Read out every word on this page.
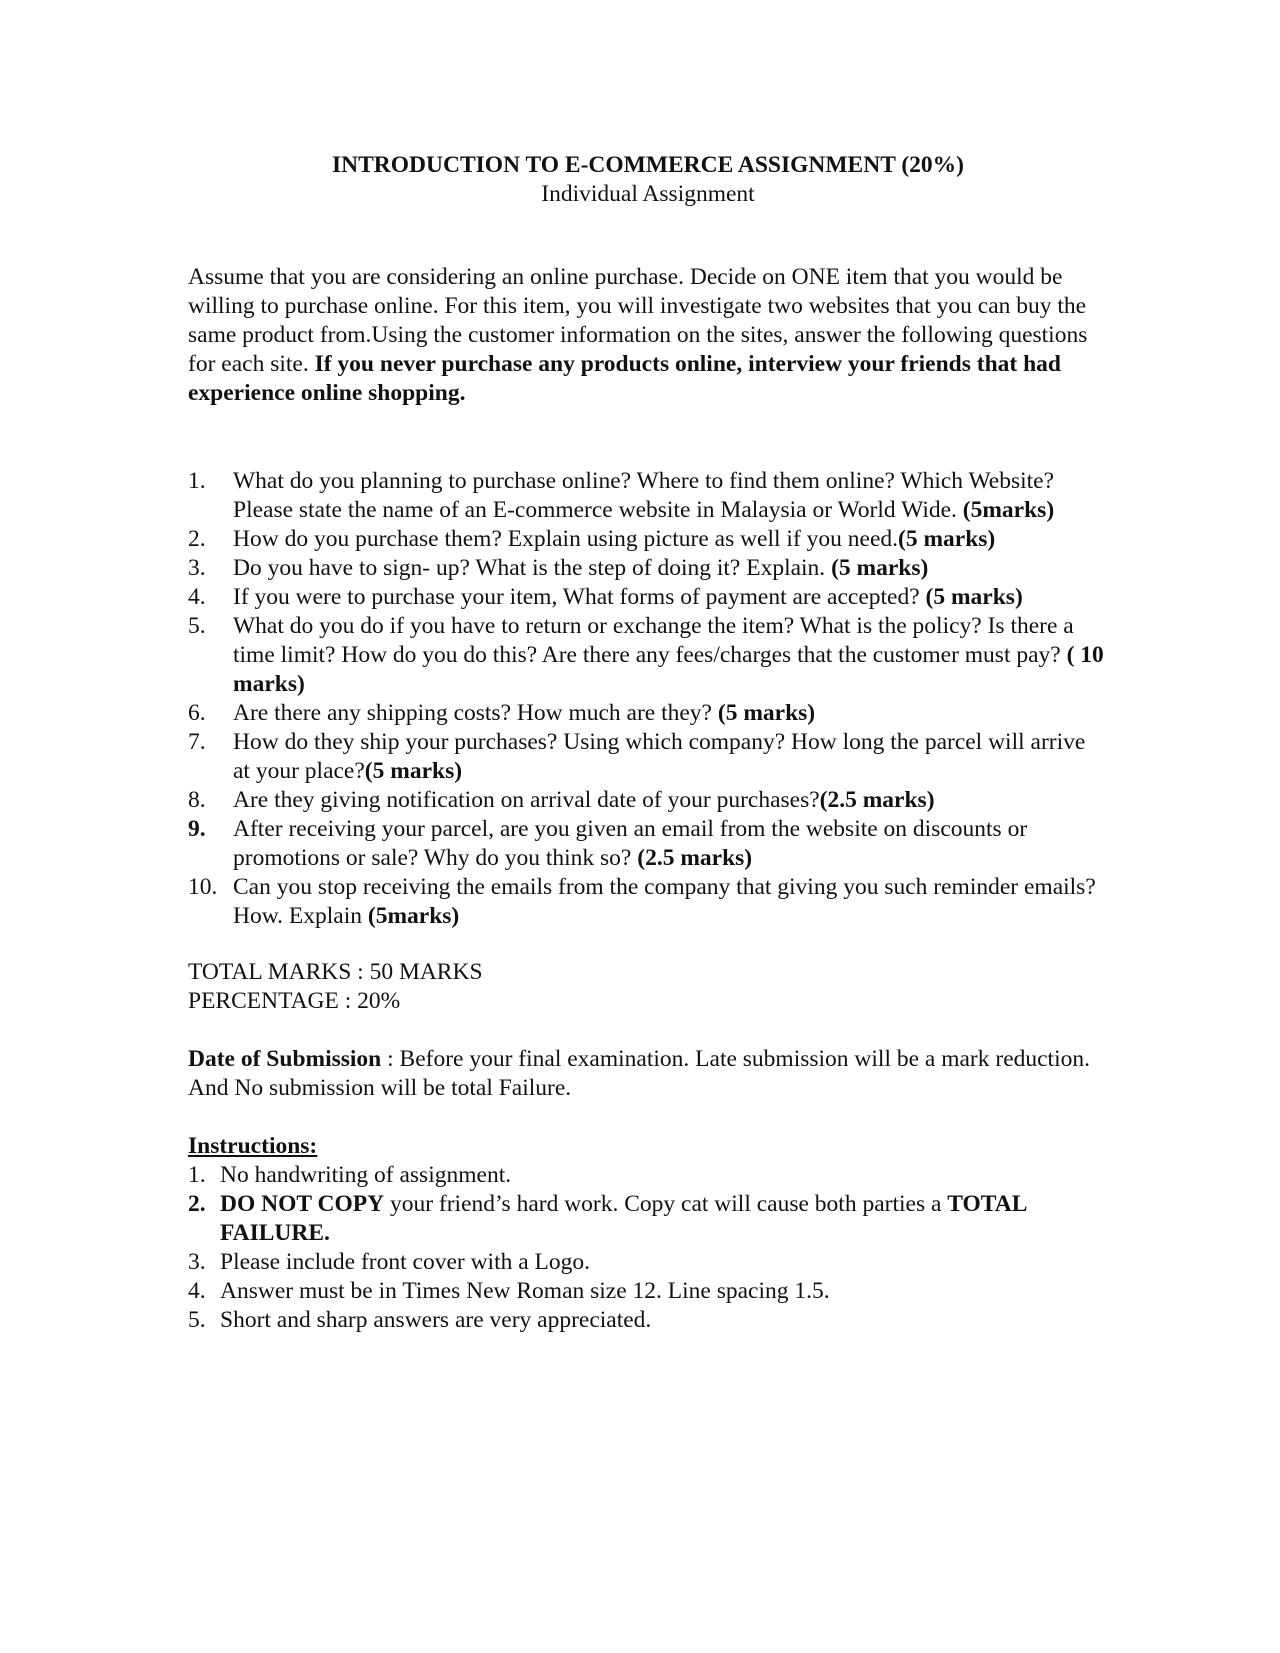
INTRODUCTION TO E-COMMERCE ASSIGNMENT (20%)

Individual Assignment

Assume that you are considering an online purchase. Decide on ONE item that you would be willing to purchase online. For this item, you will investigate two websites that you can buy the same product from.Using the customer information on the sites, answer the following questions for each site. If you never purchase any products online, interview your friends that had experience online shopping.

1. What do you planning to purchase online? Where to find them online? Which Website? Please state the name of an E-commerce website in Malaysia or World Wide. (5marks)
2. How do you purchase them? Explain using picture as well if you need.(5 marks)
3. Do you have to sign- up? What is the step of doing it? Explain. (5 marks)
4. If you were to purchase your item, What forms of payment are accepted? (5 marks)
5. What do you do if you have to return or exchange the item? What is the policy? Is there a time limit? How do you do this? Are there any fees/charges that the customer must pay? ( 10 marks)
6. Are there any shipping costs? How much are they? (5 marks)
7. How do they ship your purchases? Using which company? How long the parcel will arrive at your place?(5 marks)
8. Are they giving notification on arrival date of your purchases?(2.5 marks)
9. After receiving your parcel, are you given an email from the website on discounts or promotions or sale? Why do you think so? (2.5 marks)
10. Can you stop receiving the emails from the company that giving you such reminder emails? How. Explain (5marks)
TOTAL MARKS : 50 MARKS
PERCENTAGE : 20%

Date of Submission : Before your final examination. Late submission will be a mark reduction. And No submission will be total Failure.

Instructions:
1. No handwriting of assignment.
2. DO NOT COPY your friend’s hard work. Copy cat will cause both parties a TOTAL FAILURE.
3. Please include front cover with a Logo.
4. Answer must be in Times New Roman size 12. Line spacing 1.5.
5. Short and sharp answers are very appreciated.
